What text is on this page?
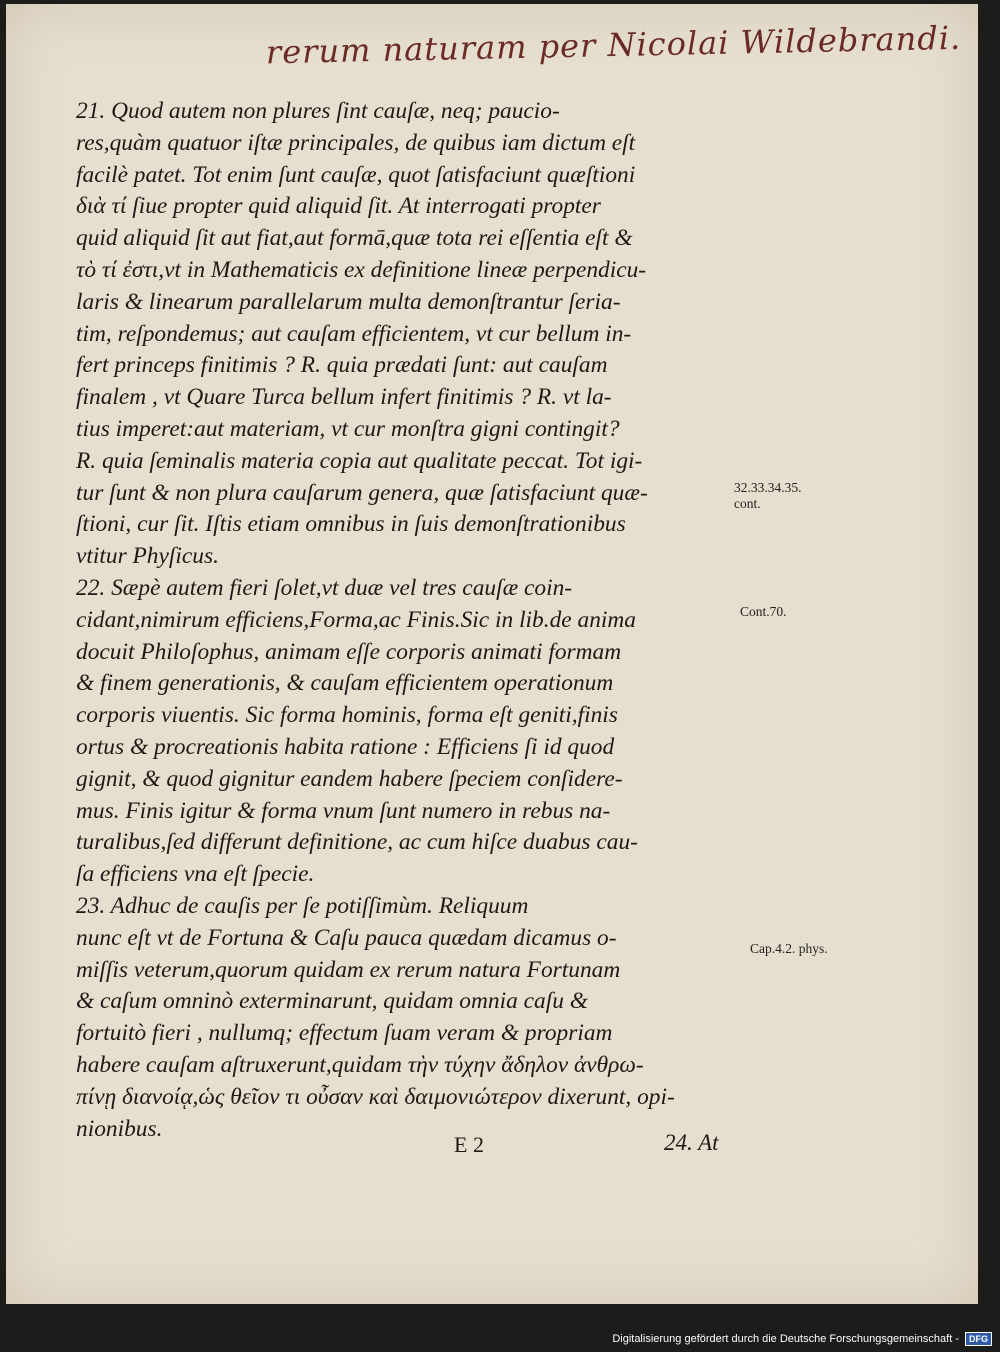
rerum naturam per Nicolai Wildebrandi.
21. Quod autem non plures ſint cauſæ, neq; paucio-
res,quàm quatuor iſtæ principales, de quibus iam dictum eſt
facilè patet. Tot enim ſunt cauſæ, quot ſatisfaciunt quæſtioni
διὰ τί ſiue propter quid aliquid ſit. At interrogati propter
quid aliquid ſit aut fiat,aut formā,quæ tota rei eſſentia eſt &
τὸ τί ἐστι,vt in Mathematicis ex definitione lineæ perpendicu-
laris & linearum parallelarum multa demonſtrantur ſeria-
tim, reſpondemus; aut cauſam efficientem, vt cur bellum in-
fert princeps finitimis ? R. quia prædati ſunt: aut cauſam
finalem , vt Quare Turca bellum infert finitimis ? R. vt la-
tius imperet:aut materiam, vt cur monſtra gigni contingit?
R. quia ſeminalis materia copia aut qualitate peccat. Tot igi-
tur ſunt & non plura cauſarum genera, quæ ſatisfaciunt quæ-
ſtioni, cur ſit. Iſtis etiam omnibus in ſuis demonſtrationibus
vtitur Phyſicus.
22. Sæpè autem fieri ſolet,vt duæ vel tres cauſæ coin-
cidant,nimirum efficiens,Forma,ac Finis.Sic in lib.de anima
docuit Philoſophus, animam eſſe corporis animati formam
& finem generationis, & cauſam efficientem operationum
corporis viuentis. Sic forma hominis, forma eſt geniti,finis
ortus & procreationis habita ratione : Efficiens ſi id quod
gignit, & quod gignitur eandem habere ſpeciem conſidere-
mus. Finis igitur & forma vnum ſunt numero in rebus na-
turalibus,ſed differunt definitione, ac cum hiſce duabus cau-
ſa efficiens vna eſt ſpecie.
23. Adhuc de cauſis per ſe potiſſimùm. Reliquum
nunc eſt vt de Fortuna & Caſu pauca quædam dicamus o-
miſſis veterum,quorum quidam ex rerum natura Fortunam
& caſum omninò exterminarunt, quidam omnia caſu &
fortuitò fieri , nullumq; effectum ſuam veram & propriam
habere cauſam aſtruxerunt,quidam τὴν τύχην ἄδηλον ἀνθρω-
πίνῃ διανοίᾳ,ὡς θεῖον τι οὖσαν καὶ δαιμονιώτερον dixerunt, opi-
nionibus.
32.33.34.35.
cont.
Cont.70.
Cap.4.2. phys.
E 2	24. At
Digitalisierung gefördert durch die Deutsche Forschungsgemeinschaft -	DFG
